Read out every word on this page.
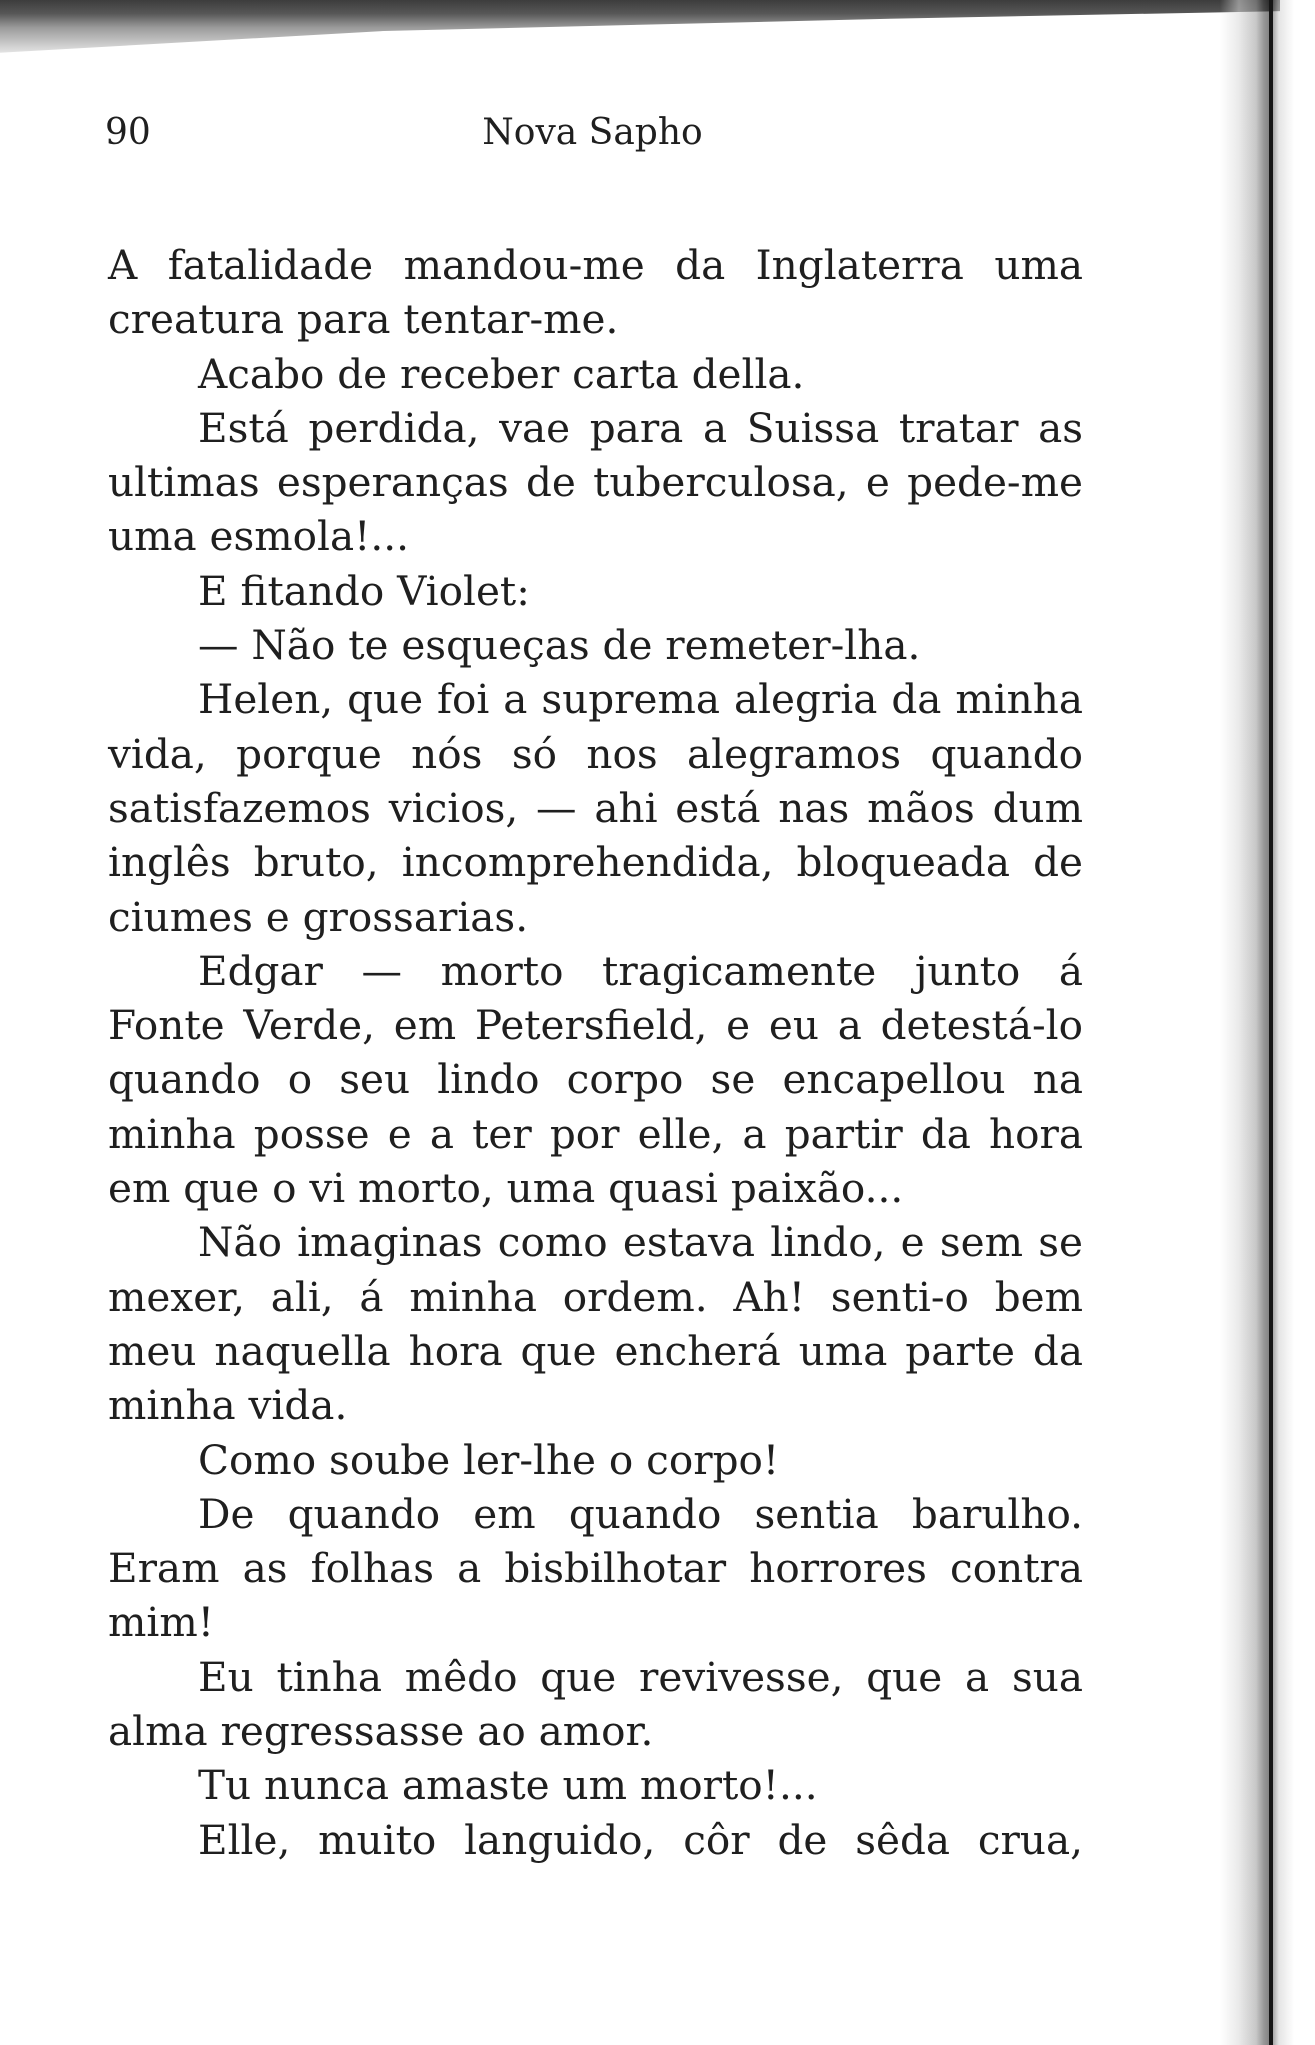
90	Nova Sapho

A fatalidade mandou-me da Inglaterra uma creatura para tentar-me.

Acabo de receber carta della.

Está perdida, vae para a Suissa tratar as ultimas esperanças de tuberculosa, e pede-me uma esmola!...

E fitando Violet:

— Não te esqueças de remeter-lha.

Helen, que foi a suprema alegria da minha vida, porque nós só nos alegramos quando satisfazemos vicios, — ahi está nas mãos dum inglês bruto, incomprehendida, bloqueada de ciumes e grossarias.

Edgar — morto tragicamente junto á Fonte Verde, em Petersfield, e eu a detestá-lo quando o seu lindo corpo se encapellou na minha posse e a ter por elle, a partir da hora em que o vi morto, uma quasi paixão...

Não imaginas como estava lindo, e sem se mexer, ali, á minha ordem. Ah! senti-o bem meu naquella hora que encherá uma parte da minha vida.

Como soube ler-lhe o corpo!

De quando em quando sentia barulho. Eram as folhas a bisbilhotar horrores contra mim!

Eu tinha mêdo que revivesse, que a sua alma regressasse ao amor.

Tu nunca amaste um morto!...

Elle, muito languido, côr de sêda crua,
